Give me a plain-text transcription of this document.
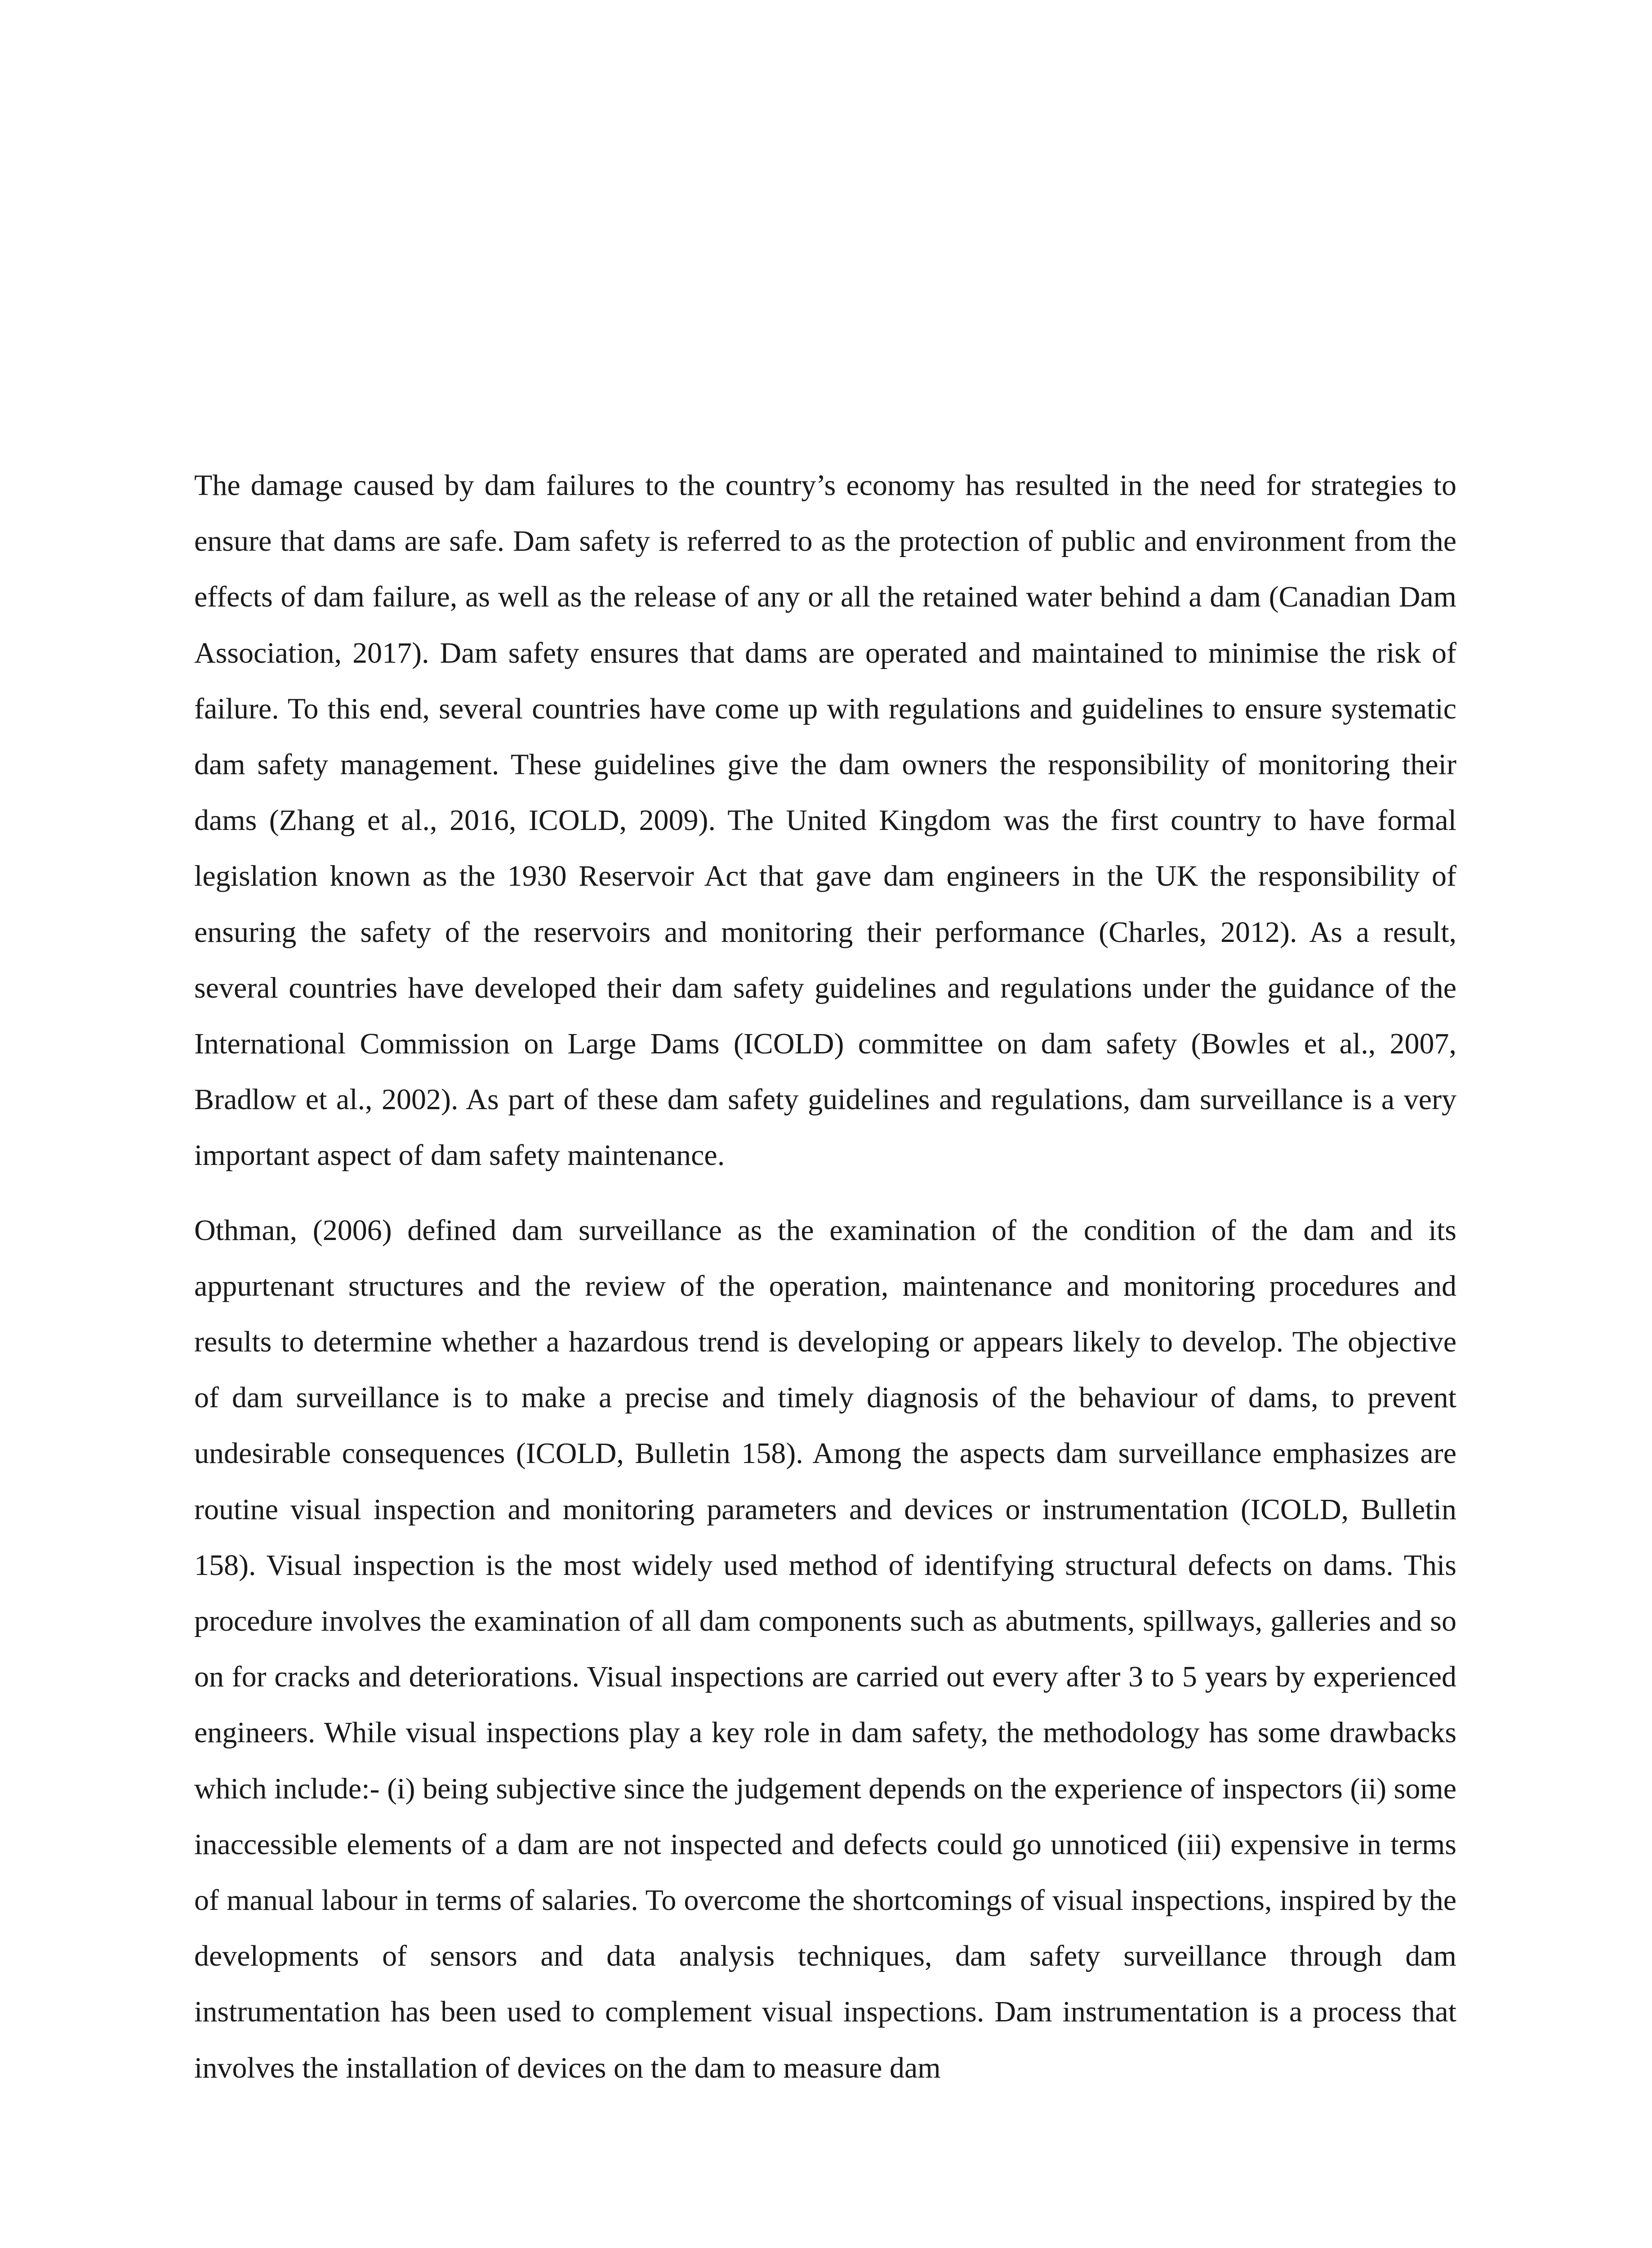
The damage caused by dam failures to the country’s economy has resulted in the need for strategies to ensure that dams are safe. Dam safety is referred to as the protection of public and environment from the effects of dam failure, as well as the release of any or all the retained water behind a dam (Canadian Dam Association, 2017). Dam safety ensures that dams are operated and maintained to minimise the risk of failure. To this end, several countries have come up with regulations and guidelines to ensure systematic dam safety management. These guidelines give the dam owners the responsibility of monitoring their dams (Zhang et al., 2016, ICOLD, 2009). The United Kingdom was the first country to have formal legislation known as the 1930 Reservoir Act that gave dam engineers in the UK the responsibility of ensuring the safety of the reservoirs and monitoring their performance (Charles, 2012). As a result, several countries have developed their dam safety guidelines and regulations under the guidance of the International Commission on Large Dams (ICOLD) committee on dam safety (Bowles et al., 2007, Bradlow et al., 2002). As part of these dam safety guidelines and regulations, dam surveillance is a very important aspect of dam safety maintenance.

Othman, (2006) defined dam surveillance as the examination of the condition of the dam and its appurtenant structures and the review of the operation, maintenance and monitoring procedures and results to determine whether a hazardous trend is developing or appears likely to develop. The objective of dam surveillance is to make a precise and timely diagnosis of the behaviour of dams, to prevent undesirable consequences (ICOLD, Bulletin 158). Among the aspects dam surveillance emphasizes are routine visual inspection and monitoring parameters and devices or instrumentation (ICOLD, Bulletin 158). Visual inspection is the most widely used method of identifying structural defects on dams. This procedure involves the examination of all dam components such as abutments, spillways, galleries and so on for cracks and deteriorations. Visual inspections are carried out every after 3 to 5 years by experienced engineers. While visual inspections play a key role in dam safety, the methodology has some drawbacks which include:- (i) being subjective since the judgement depends on the experience of inspectors (ii) some inaccessible elements of a dam are not inspected and defects could go unnoticed (iii) expensive in terms of manual labour in terms of salaries. To overcome the shortcomings of visual inspections, inspired by the developments of sensors and data analysis techniques, dam safety surveillance through dam instrumentation has been used to complement visual inspections. Dam instrumentation is a process that involves the installation of devices on the dam to measure dam
